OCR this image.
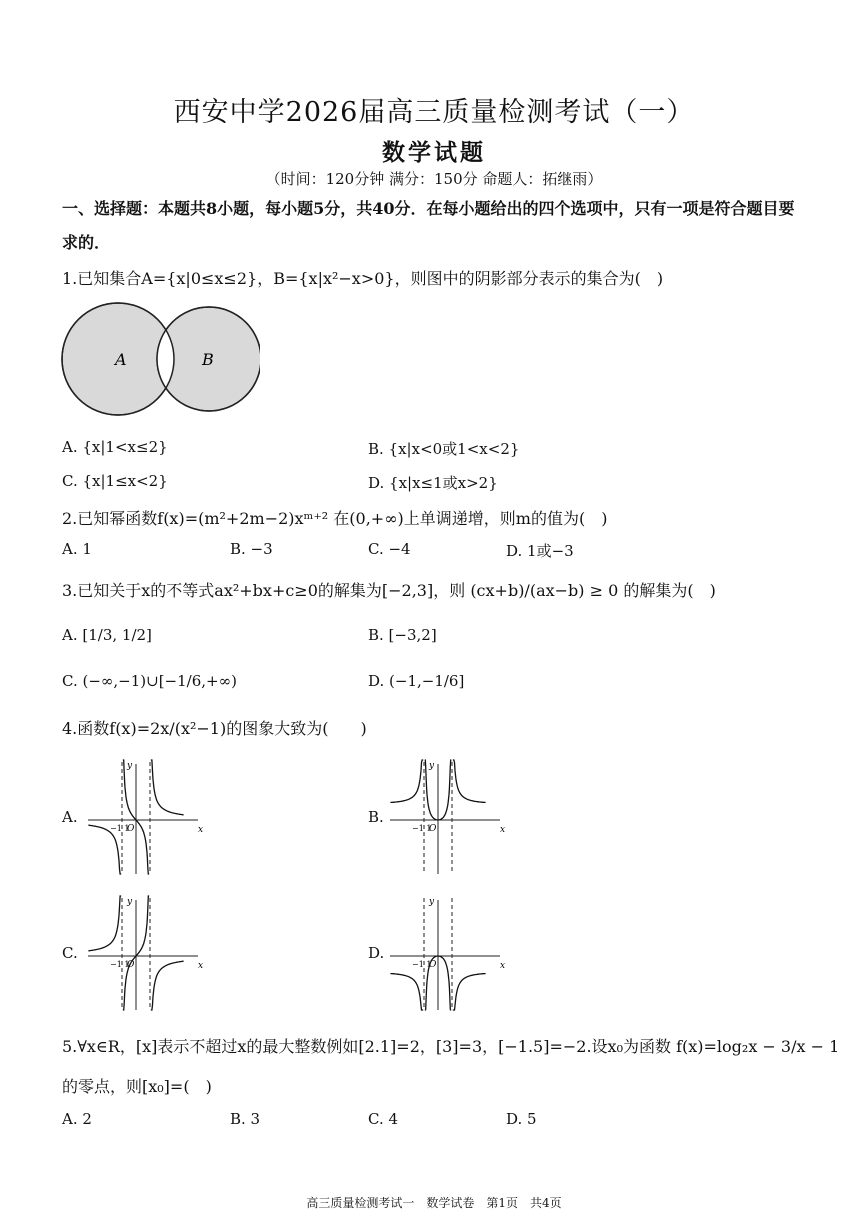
西安中学2026届高三质量检测考试（一）
数学试题
（时间：120分钟 满分：150分 命题人：拓继雨）
一、选择题：本题共8小题，每小题5分，共40分．在每小题给出的四个选项中，只有一项是符合题目要求的．
1.已知集合A={x|0≤x≤2}，B={x|x²−x>0}，则图中的阴影部分表示的集合为(　)
A	B
A. {x|1<x≤2}	B. {x|x<0或1<x<2}
C. {x|1≤x<2}	D. {x|x≤1或x>2}
2.已知幂函数f(x)=(m²+2m−2)xᵐ⁺² 在(0,+∞)上单调递增，则m的值为(　)
A. 1	B. −3	C. −4	D. 1或−3
3.已知关于x的不等式ax²+bx+c≥0的解集为[−2,3]，则 (cx+b)/(ax−b) ≥ 0 的解集为(　)
A. [1/3, 1/2]	B. [−3,2]
C. (−∞,−1)∪[−1/6,+∞)	D. (−1,−1/6]
4.函数f(x)=2x/(x²−1)的图象大致为(　　)
A.
x
y
O
−1 1
B.
x
y
O
−1 1
C.
x
y
O
−1 1
D.
x
y
O
−1 1
5.∀x∈R，[x]表示不超过x的最大整数例如[2.1]=2，[3]=3，[−1.5]=−2.设x₀为函数 f(x)=log₂x − 3/x − 1
的零点，则[x₀]=(　)
A. 2	B. 3	C. 4	D. 5
高三质量检测考试一　数学试卷　第1页　共4页
